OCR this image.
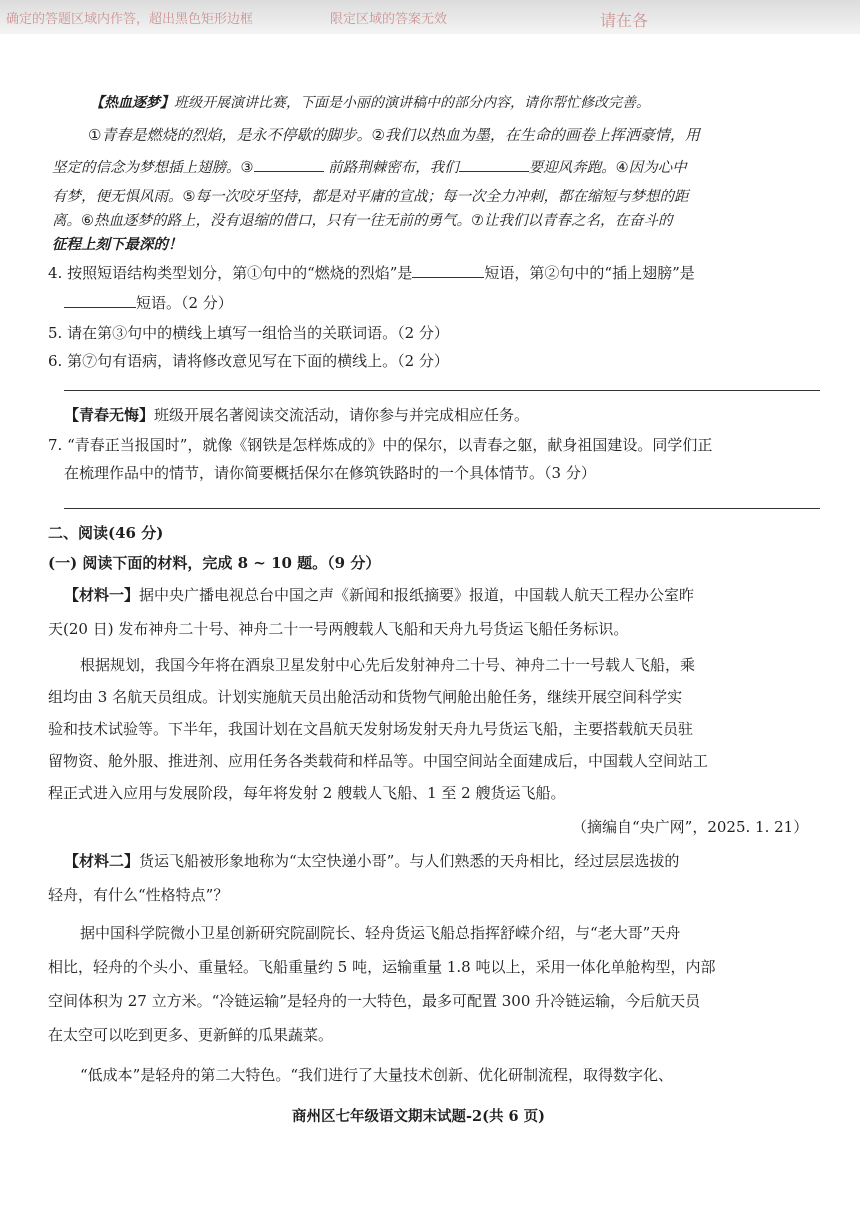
确定的答题区域内作答，超出黑色矩形边框	限定区域的答案无效	请在各
【热血逐梦】班级开展演讲比赛，下面是小丽的演讲稿中的部分内容，请你帮忙修改完善。
①青春是燃烧的烈焰，是永不停歇的脚步。②我们以热血为墨，在生命的画卷上挥洒豪情，用
坚定的信念为梦想插上翅膀。③	前路荆棘密布，我们	要迎风奔跑。④因为心中
有梦，便无惧风雨。⑤每一次咬牙坚持，都是对平庸的宣战；每一次全力冲刺，都在缩短与梦想的距
离。⑥热血逐梦的路上，没有退缩的借口，只有一往无前的勇气。⑦让我们以青春之名，在奋斗的
征程上刻下最深的！
4. 按照短语结构类型划分，第①句中的“燃烧的烈焰”是	短语，第②句中的“插上翅膀”是
短语。（2 分）
5. 请在第③句中的横线上填写一组恰当的关联词语。（2 分）
6. 第⑦句有语病，请将修改意见写在下面的横线上。（2 分）
【青春无悔】班级开展名著阅读交流活动，请你参与并完成相应任务。
7. “青春正当报国时”，就像《钢铁是怎样炼成的》中的保尔，以青春之躯，献身祖国建设。同学们正
在梳理作品中的情节，请你简要概括保尔在修筑铁路时的一个具体情节。（3 分）
二、阅读(46 分)
(一) 阅读下面的材料，完成 8 ~ 10 题。（9 分）
【材料一】据中央广播电视总台中国之声《新闻和报纸摘要》报道，中国载人航天工程办公室昨
天(20 日) 发布神舟二十号、神舟二十一号两艘载人飞船和天舟九号货运飞船任务标识。
根据规划，我国今年将在酒泉卫星发射中心先后发射神舟二十号、神舟二十一号载人飞船，乘
组均由 3 名航天员组成。计划实施航天员出舱活动和货物气闸舱出舱任务，继续开展空间科学实
验和技术试验等。下半年，我国计划在文昌航天发射场发射天舟九号货运飞船，主要搭载航天员驻
留物资、舱外服、推进剂、应用任务各类载荷和样品等。中国空间站全面建成后，中国载人空间站工
程正式进入应用与发展阶段，每年将发射 2 艘载人飞船、1 至 2 艘货运飞船。
（摘编自“央广网”，2025. 1. 21）
【材料二】货运飞船被形象地称为“太空快递小哥”。与人们熟悉的天舟相比，经过层层选拔的
轻舟，有什么“性格特点”？
据中国科学院微小卫星创新研究院副院长、轻舟货运飞船总指挥舒嵘介绍，与“老大哥”天舟
相比，轻舟的个头小、重量轻。飞船重量约 5 吨，运输重量 1.8 吨以上，采用一体化单舱构型，内部
空间体积为 27 立方米。“冷链运输”是轻舟的一大特色，最多可配置 300 升冷链运输，今后航天员
在太空可以吃到更多、更新鲜的瓜果蔬菜。
“低成本”是轻舟的第二大特色。“我们进行了大量技术创新、优化研制流程，取得数字化、
商州区七年级语文期末试题-2(共 6 页)
